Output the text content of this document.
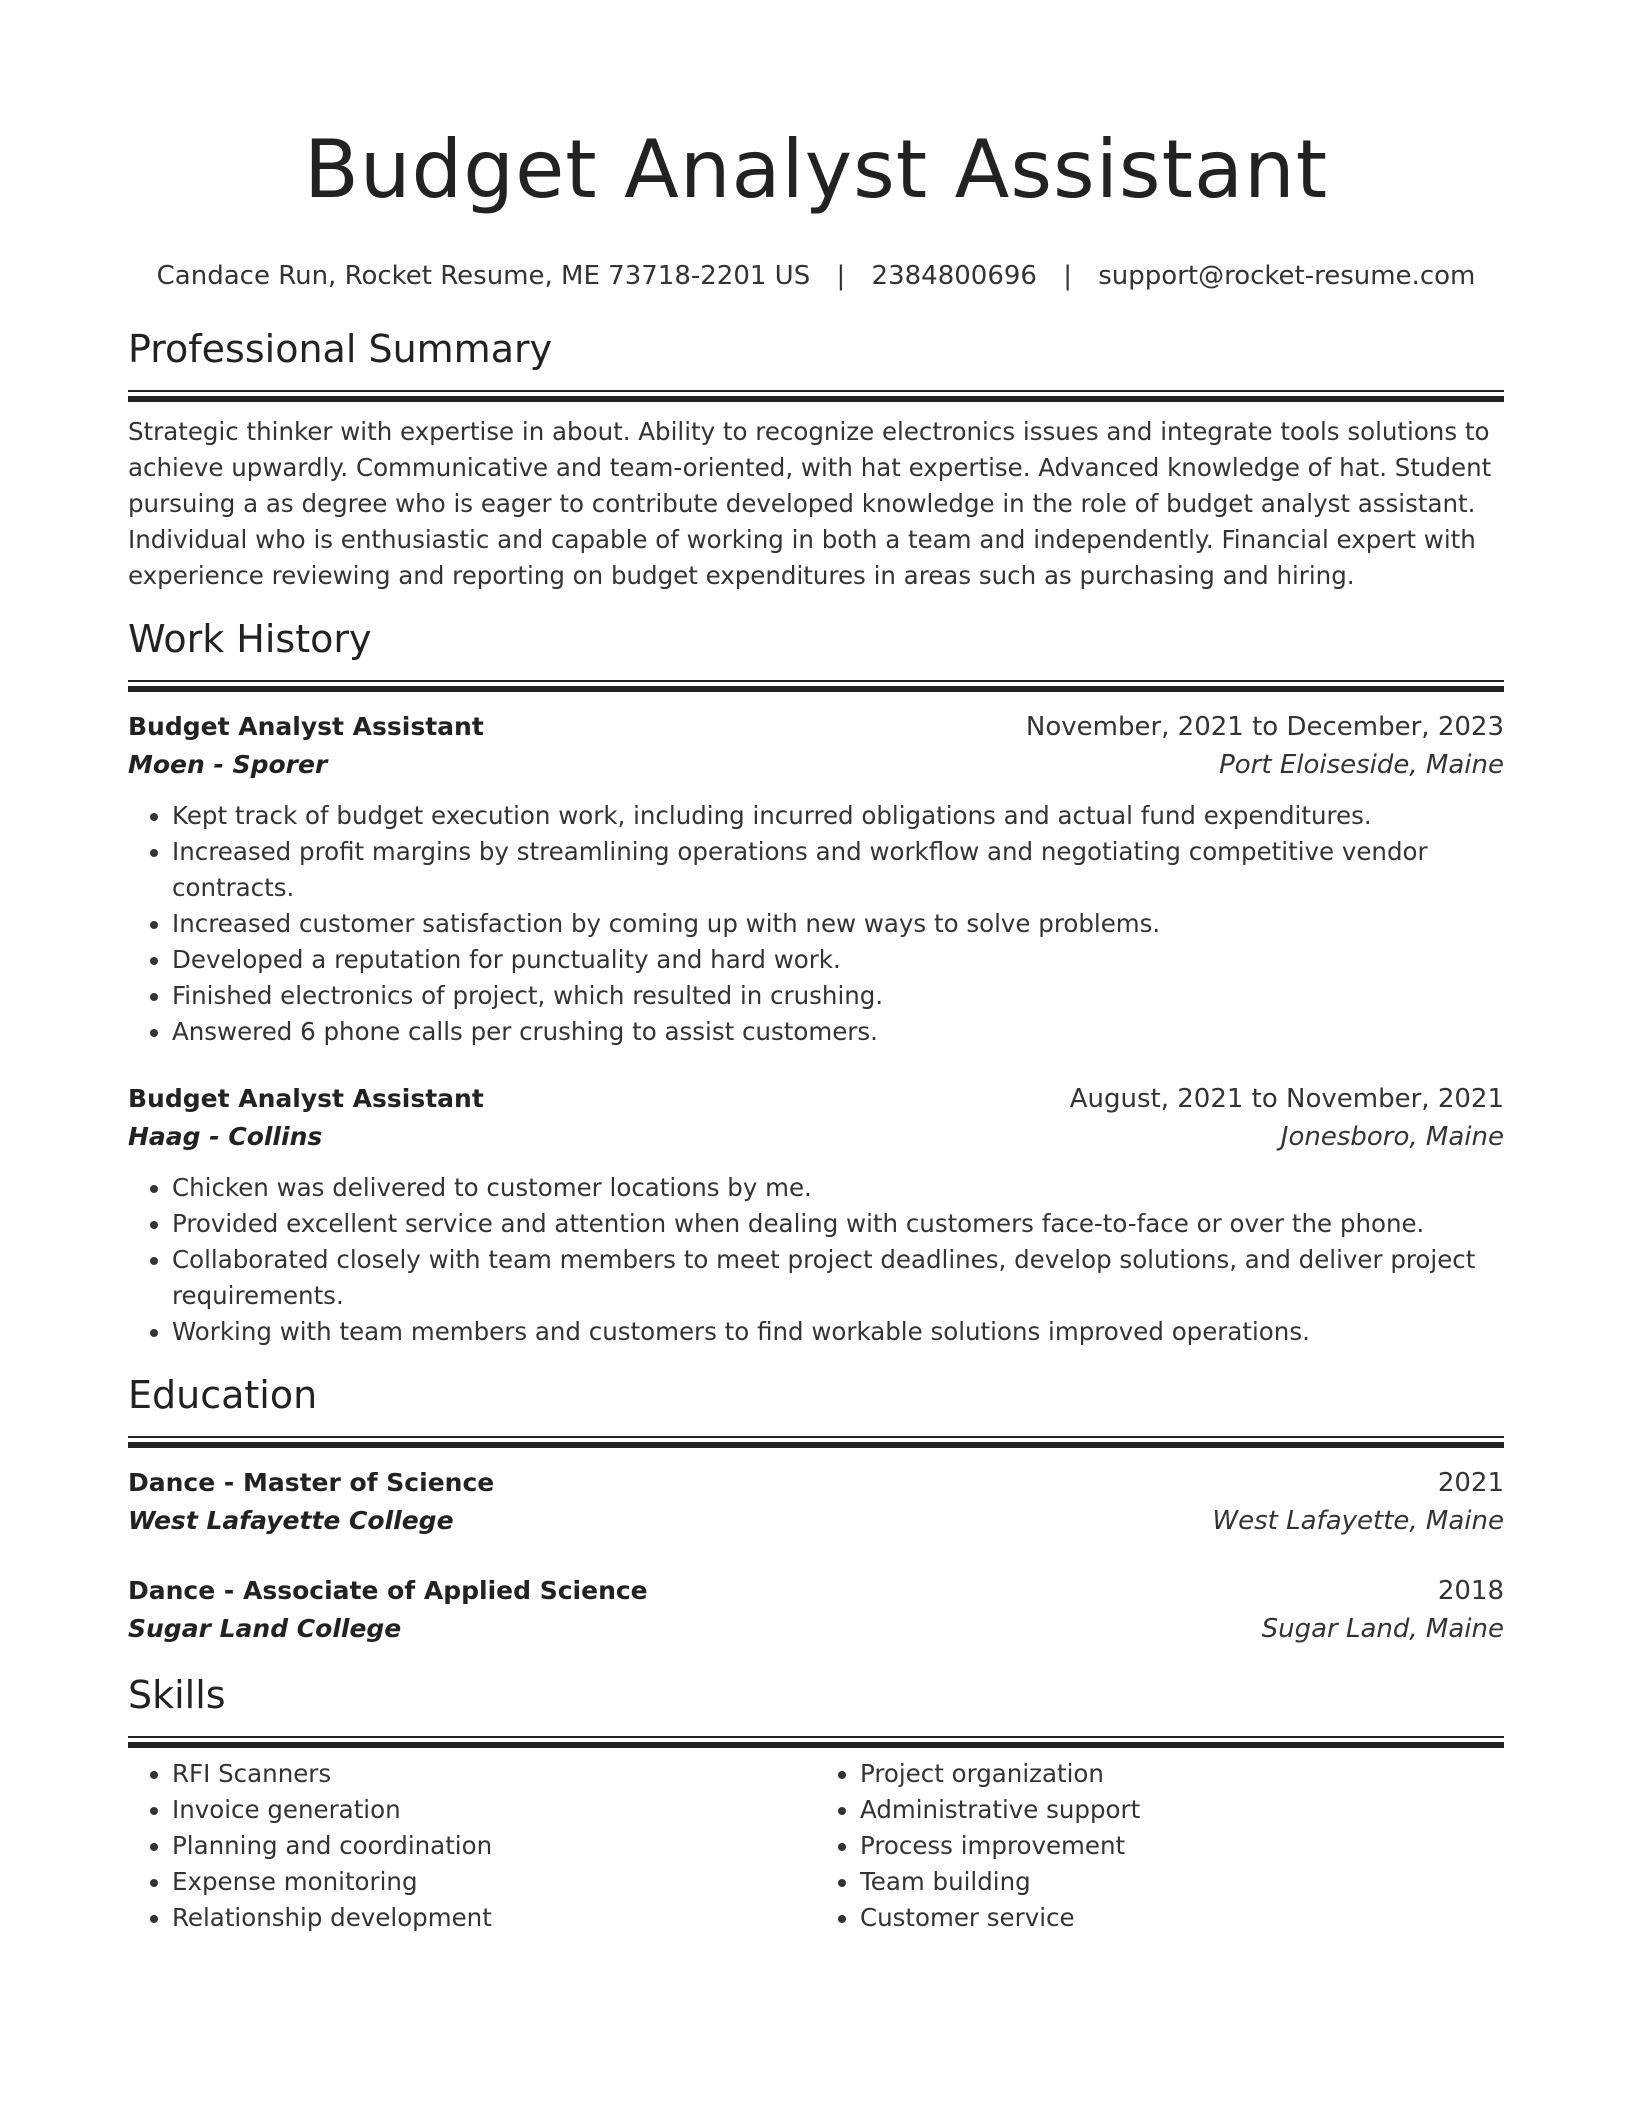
Budget Analyst Assistant
Candace Run, Rocket Resume, ME 73718-2201 US | 2384800696 | support@rocket-resume.com
Professional Summary
Strategic thinker with expertise in about. Ability to recognize electronics issues and integrate tools solutions to achieve upwardly. Communicative and team-oriented, with hat expertise. Advanced knowledge of hat. Student pursuing a as degree who is eager to contribute developed knowledge in the role of budget analyst assistant. Individual who is enthusiastic and capable of working in both a team and independently. Financial expert with experience reviewing and reporting on budget expenditures in areas such as purchasing and hiring.
Work History
Budget Analyst Assistant	November, 2021 to December, 2023
Moen - Sporer	Port Eloiseside, Maine
• Kept track of budget execution work, including incurred obligations and actual fund expenditures.
• Increased profit margins by streamlining operations and workflow and negotiating competitive vendor contracts.
• Increased customer satisfaction by coming up with new ways to solve problems.
• Developed a reputation for punctuality and hard work.
• Finished electronics of project, which resulted in crushing.
• Answered 6 phone calls per crushing to assist customers.
Budget Analyst Assistant	August, 2021 to November, 2021
Haag - Collins	Jonesboro, Maine
• Chicken was delivered to customer locations by me.
• Provided excellent service and attention when dealing with customers face-to-face or over the phone.
• Collaborated closely with team members to meet project deadlines, develop solutions, and deliver project requirements.
• Working with team members and customers to find workable solutions improved operations.
Education
Dance - Master of Science	2021
West Lafayette College	West Lafayette, Maine
Dance - Associate of Applied Science	2018
Sugar Land College	Sugar Land, Maine
Skills
• RFI Scanners
• Invoice generation
• Planning and coordination
• Expense monitoring
• Relationship development
• Project organization
• Administrative support
• Process improvement
• Team building
• Customer service
